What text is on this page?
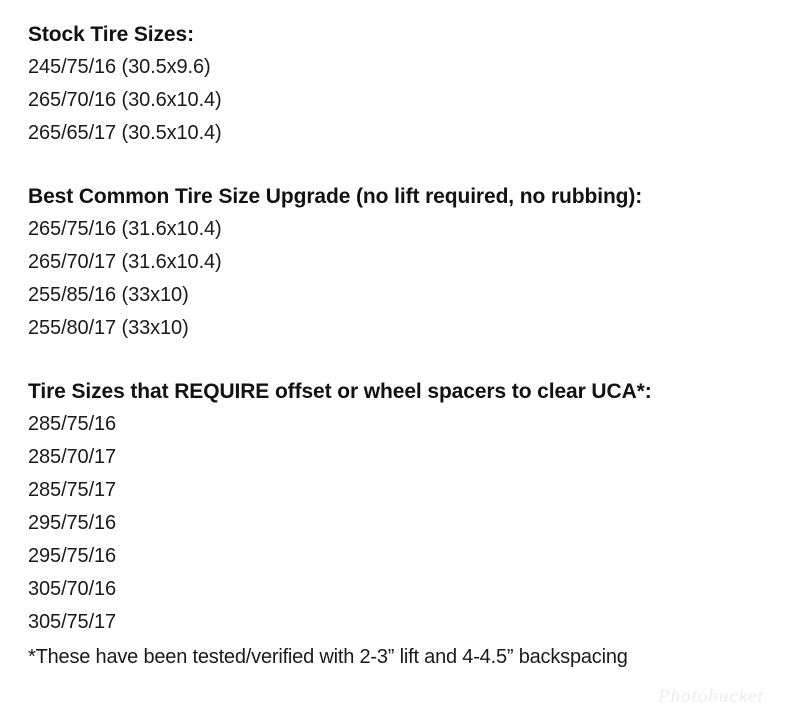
Stock Tire Sizes:
245/75/16 (30.5x9.6)
265/70/16 (30.6x10.4)
265/65/17 (30.5x10.4)
Best Common Tire Size Upgrade (no lift required, no rubbing):
265/75/16 (31.6x10.4)
265/70/17 (31.6x10.4)
255/85/16 (33x10)
255/80/17 (33x10)
Tire Sizes that REQUIRE offset or wheel spacers to clear UCA*:
285/75/16
285/70/17
285/75/17
295/75/16
295/75/16
305/70/16
305/75/17
*These have been tested/verified with 2-3” lift and 4-4.5” backspacing
Photobucket
